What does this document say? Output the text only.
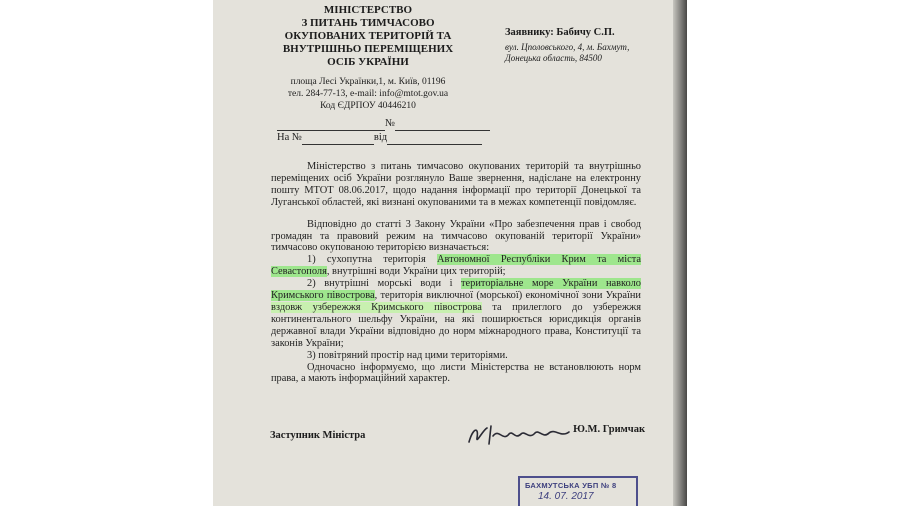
МІНІСТЕРСТВО
З ПИТАНЬ ТИМЧАСОВО
ОКУПОВАНИХ ТЕРИТОРІЙ ТА
ВНУТРІШНЬО ПЕРЕМІЩЕНИХ
ОСІБ УКРАЇНИ
площа Лесі Українки,1, м. Київ, 01196
тел. 284-77-13, e-mail: info@mtot.gov.ua
Код ЄДРПОУ 40446210
Заявнику: Бабичу С.П.
вул. Цполовського, 4, м. Бахмут,
Донецька область, 84500
№
На №	від

Міністерство з питань тимчасово окупованих територій та внутрішньо переміщених осіб України розглянуло Ваше звернення, надіслане на електронну пошту МТОТ 08.06.2017, щодо надання інформації про території Донецької та Луганської областей, які визнані окупованими та в межах компетенції повідомляє.

Відповідно до статті 3 Закону України «Про забезпечення прав і свобод громадян та правовий режим на тимчасово окупованій території України» тимчасово окупованою територією визначається:

1) сухопутна територія Автономної Республіки Крим та міста Севастополя, внутрішні води України цих територій;

2) внутрішні морські води і територіальне море України навколо Кримського півострова, територія виключної (морської) економічної зони України вздовж узбережжя Кримського півострова та прилеглого до узбережжя континентального шельфу України, на які поширюється юрисдикція органів державної влади України відповідно до норм міжнародного права, Конституції та законів України;

3) повітряний простір над цими територіями.

Одночасно інформуємо, що листи Міністерства не встановлюють норм права, а мають інформаційний характер.

Заступник Міністра
Ю.М. Гримчак
БАХМУТСЬКА УБП № 8
14. 07. 2017
